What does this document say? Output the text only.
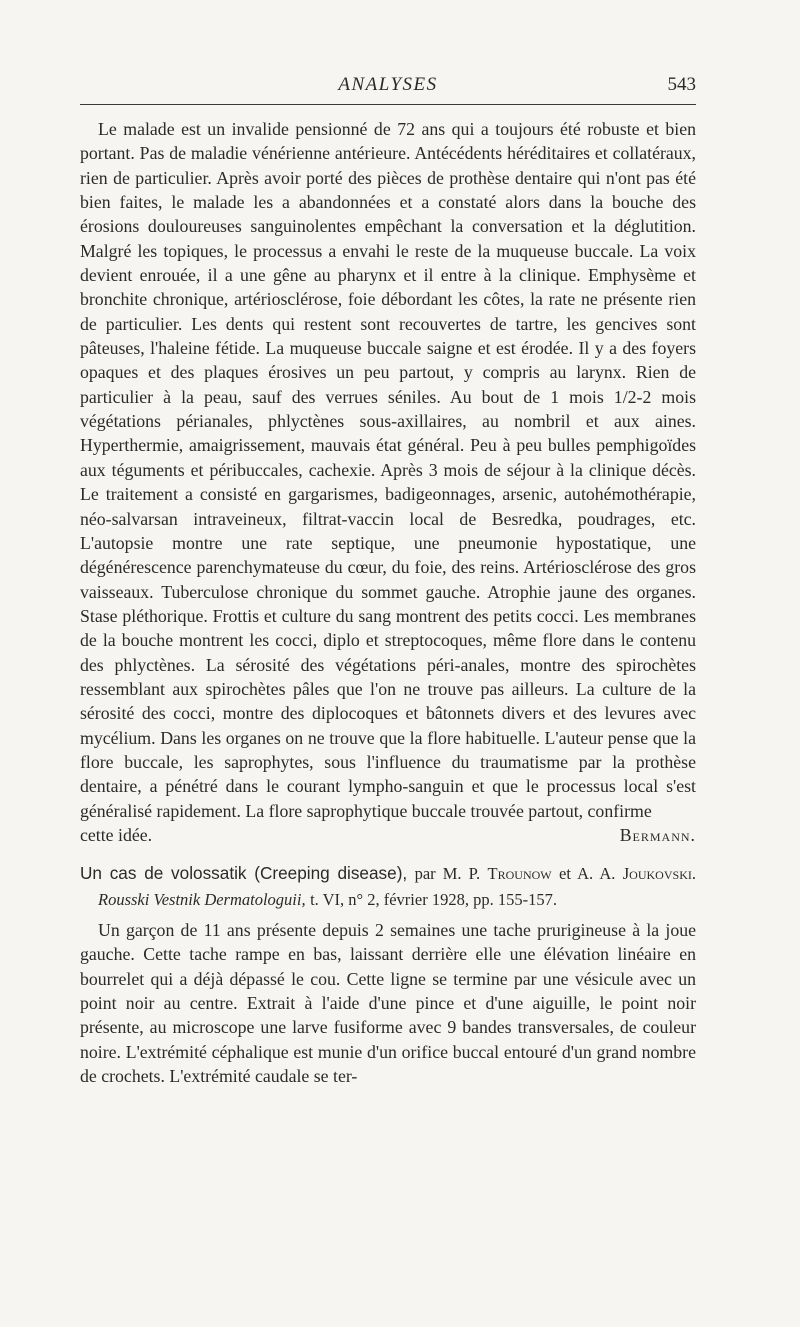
ANALYSES	543

Le malade est un invalide pensionné de 72 ans qui a toujours été robuste et bien portant. Pas de maladie vénérienne antérieure. Antécédents héréditaires et collatéraux, rien de particulier. Après avoir porté des pièces de prothèse dentaire qui n'ont pas été bien faites, le malade les a abandonnées et a constaté alors dans la bouche des érosions douloureuses sanguinolentes empêchant la conversation et la déglutition. Malgré les topiques, le processus a envahi le reste de la muqueuse buccale. La voix devient enrouée, il a une gêne au pharynx et il entre à la clinique. Emphysème et bronchite chronique, artériosclérose, foie débordant les côtes, la rate ne présente rien de particulier. Les dents qui restent sont recouvertes de tartre, les gencives sont pâteuses, l'haleine fétide. La muqueuse buccale saigne et est érodée. Il y a des foyers opaques et des plaques érosives un peu partout, y compris au larynx. Rien de particulier à la peau, sauf des verrues séniles. Au bout de 1 mois 1/2-2 mois végétations périanales, phlyctènes sous-axillaires, au nombril et aux aines. Hyperthermie, amaigrissement, mauvais état général. Peu à peu bulles pemphigoïdes aux téguments et péribuccales, cachexie. Après 3 mois de séjour à la clinique décès. Le traitement a consisté en gargarismes, badigeonnages, arsenic, autohémothérapie, néo-salvarsan intraveineux, filtrat-vaccin local de Besredka, poudrages, etc. L'autopsie montre une rate septique, une pneumonie hypostatique, une dégénérescence parenchymateuse du cœur, du foie, des reins. Artériosclérose des gros vaisseaux. Tuberculose chronique du sommet gauche. Atrophie jaune des organes. Stase pléthorique. Frottis et culture du sang montrent des petits cocci. Les membranes de la bouche montrent les cocci, diplo et streptocoques, même flore dans le contenu des phlyctènes. La sérosité des végétations péri-anales, montre des spirochètes ressemblant aux spirochètes pâles que l'on ne trouve pas ailleurs. La culture de la sérosité des cocci, montre des diplocoques et bâtonnets divers et des levures avec mycélium. Dans les organes on ne trouve que la flore habituelle. L'auteur pense que la flore buccale, les saprophytes, sous l'influence du traumatisme par la prothèse dentaire, a pénétré dans le courant lympho-sanguin et que le processus local s'est généralisé rapidement. La flore saprophytique buccale trouvée partout, confirme

cette idée.	Bermann.

Un cas de volossatik (Creeping disease), par M. P. Trounow et A. A. Joukovski. Rousski Vestnik Dermatologuii, t. VI, n° 2, février 1928, pp. 155-157.

Un garçon de 11 ans présente depuis 2 semaines une tache prurigineuse à la joue gauche. Cette tache rampe en bas, laissant derrière elle une élévation linéaire en bourrelet qui a déjà dépassé le cou. Cette ligne se termine par une vésicule avec un point noir au centre. Extrait à l'aide d'une pince et d'une aiguille, le point noir présente, au microscope une larve fusiforme avec 9 bandes transversales, de couleur noire. L'extrémité céphalique est munie d'un orifice buccal entouré d'un grand nombre de crochets. L'extrémité caudale se ter-
